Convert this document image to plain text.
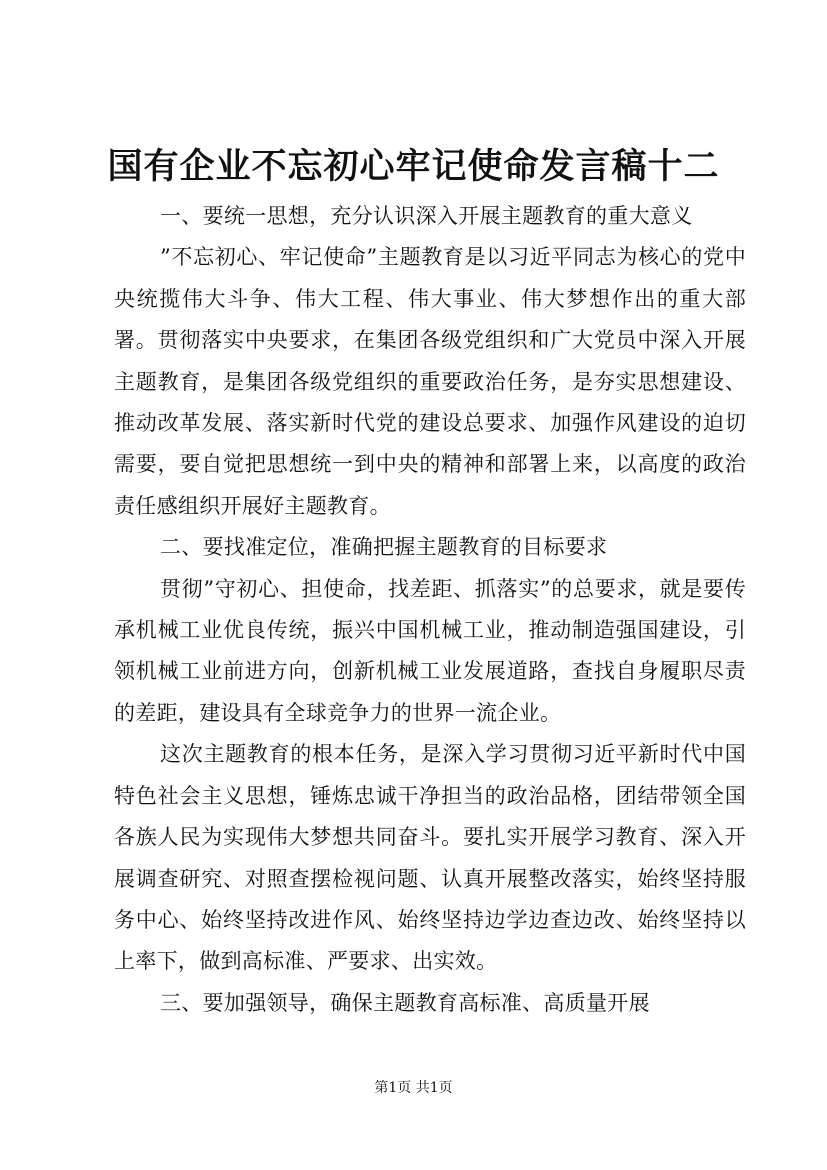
国有企业不忘初心牢记使命发言稿十二

一、要统一思想，充分认识深入开展主题教育的重大意义

”不忘初心、牢记使命”主题教育是以习近平同志为核心的党中央统揽伟大斗争、伟大工程、伟大事业、伟大梦想作出的重大部署。贯彻落实中央要求，在集团各级党组织和广大党员中深入开展主题教育，是集团各级党组织的重要政治任务，是夯实思想建设、推动改革发展、落实新时代党的建设总要求、加强作风建设的迫切需要，要自觉把思想统一到中央的精神和部署上来，以高度的政治责任感组织开展好主题教育。

二、要找准定位，准确把握主题教育的目标要求

贯彻”守初心、担使命，找差距、抓落实”的总要求，就是要传承机械工业优良传统，振兴中国机械工业，推动制造强国建设，引领机械工业前进方向，创新机械工业发展道路，查找自身履职尽责的差距，建设具有全球竞争力的世界一流企业。

这次主题教育的根本任务，是深入学习贯彻习近平新时代中国特色社会主义思想，锤炼忠诚干净担当的政治品格，团结带领全国各族人民为实现伟大梦想共同奋斗。要扎实开展学习教育、深入开展调查研究、对照查摆检视问题、认真开展整改落实，始终坚持服务中心、始终坚持改进作风、始终坚持边学边查边改、始终坚持以上率下，做到高标准、严要求、出实效。

三、要加强领导，确保主题教育高标准、高质量开展

第1页 共1页
